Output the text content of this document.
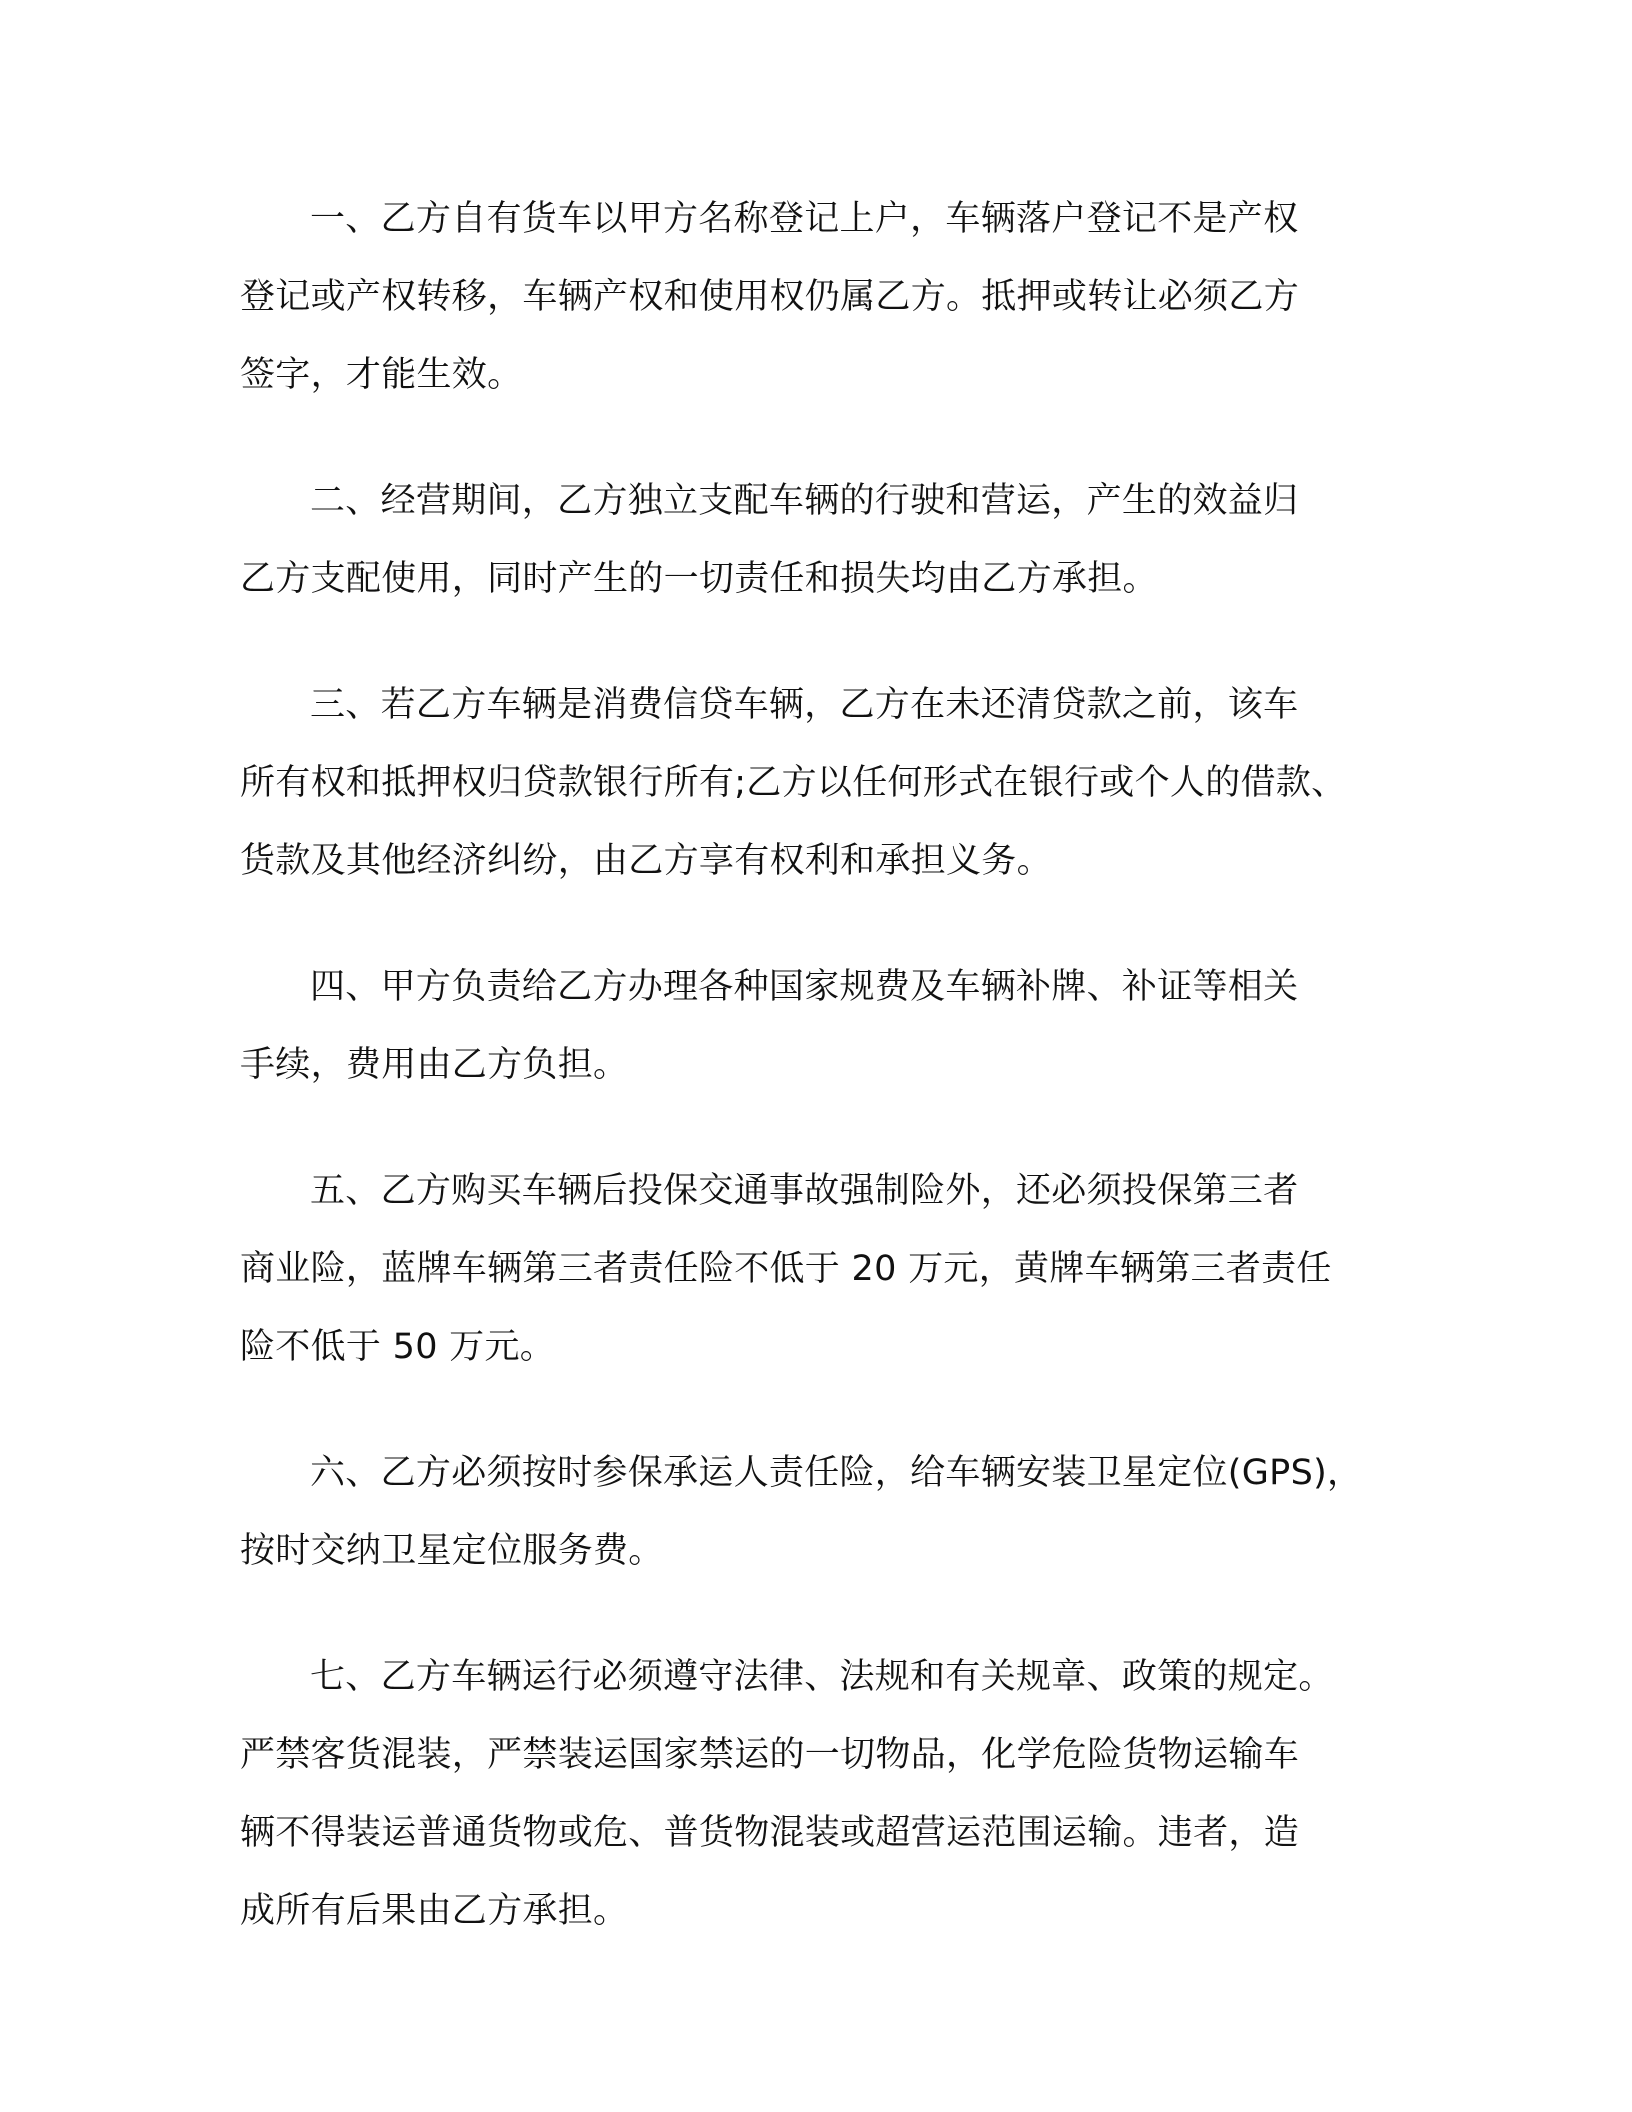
一、乙方自有货车以甲方名称登记上户，车辆落户登记不是产权
登记或产权转移，车辆产权和使用权仍属乙方。抵押或转让必须乙方
签字，才能生效。

二、经营期间，乙方独立支配车辆的行驶和营运，产生的效益归
乙方支配使用，同时产生的一切责任和损失均由乙方承担。

三、若乙方车辆是消费信贷车辆，乙方在未还清贷款之前，该车
所有权和抵押权归贷款银行所有;乙方以任何形式在银行或个人的借款、
货款及其他经济纠纷，由乙方享有权利和承担义务。

四、甲方负责给乙方办理各种国家规费及车辆补牌、补证等相关
手续，费用由乙方负担。

五、乙方购买车辆后投保交通事故强制险外，还必须投保第三者
商业险，蓝牌车辆第三者责任险不低于 20 万元，黄牌车辆第三者责任
险不低于 50 万元。

六、乙方必须按时参保承运人责任险，给车辆安装卫星定位(GPS)，
按时交纳卫星定位服务费。

七、乙方车辆运行必须遵守法律、法规和有关规章、政策的规定。
严禁客货混装，严禁装运国家禁运的一切物品，化学危险货物运输车
辆不得装运普通货物或危、普货物混装或超营运范围运输。违者，造
成所有后果由乙方承担。
